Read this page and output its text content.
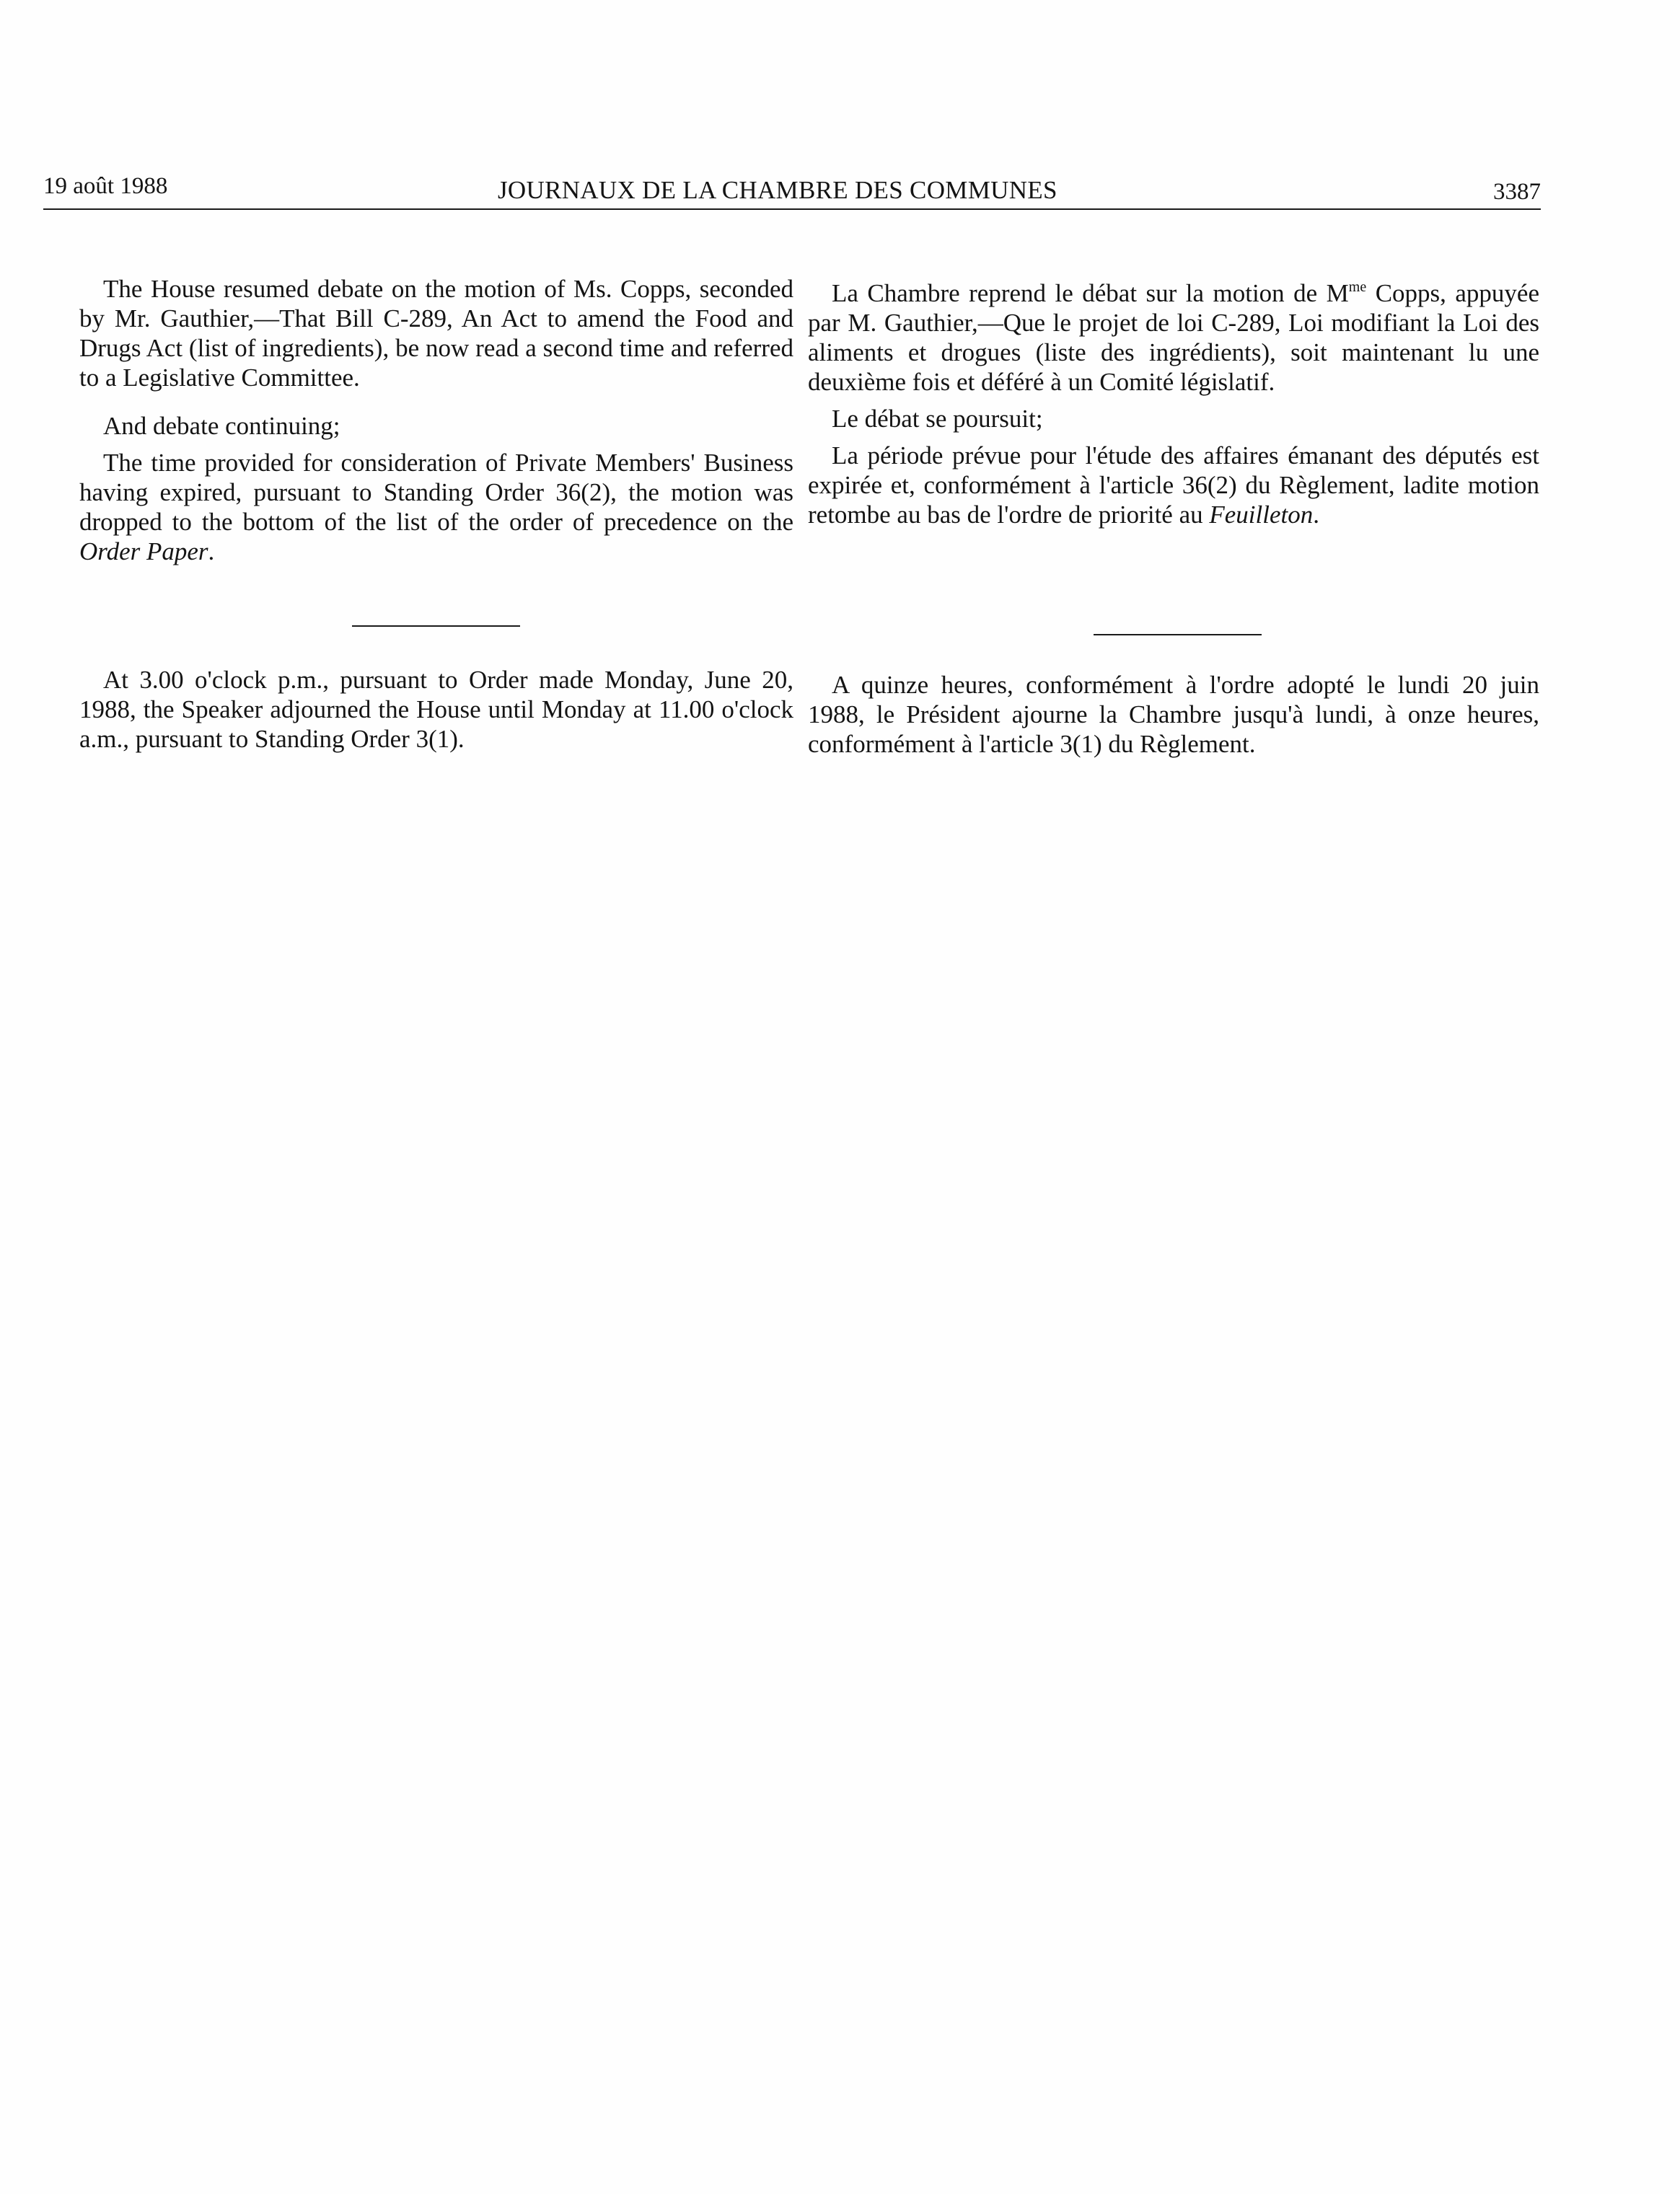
19 août 1988	JOURNAUX DE LA CHAMBRE DES COMMUNES	3387

The House resumed debate on the motion of Ms. Copps, seconded by Mr. Gauthier,—That Bill C-289, An Act to amend the Food and Drugs Act (list of ingredients), be now read a second time and referred to a Legislative Committee.

And debate continuing;

The time provided for consideration of Private Members' Business having expired, pursuant to Standing Order 36(2), the motion was dropped to the bottom of the list of the order of precedence on the Order Paper.

La Chambre reprend le débat sur la motion de $M^{me}$ Copps, appuyée par M. Gauthier,—Que le projet de loi C-289, Loi modifiant la Loi des aliments et drogues (liste des ingrédients), soit maintenant lu une deuxième fois et déféré à un Comité législatif.

Le débat se poursuit;

La période prévue pour l'étude des affaires émanant des députés est expirée et, conformément à l'article 36(2) du Règlement, ladite motion retombe au bas de l'ordre de priorité au Feuilleton.

At 3.00 o'clock p.m., pursuant to Order made Monday, June 20, 1988, the Speaker adjourned the House until Monday at 11.00 o'clock a.m., pursuant to Standing Order 3(1).

A quinze heures, conformément à l'ordre adopté le lundi 20 juin 1988, le Président ajourne la Chambre jusqu'à lundi, à onze heures, conformément à l'article 3(1) du Règlement.
